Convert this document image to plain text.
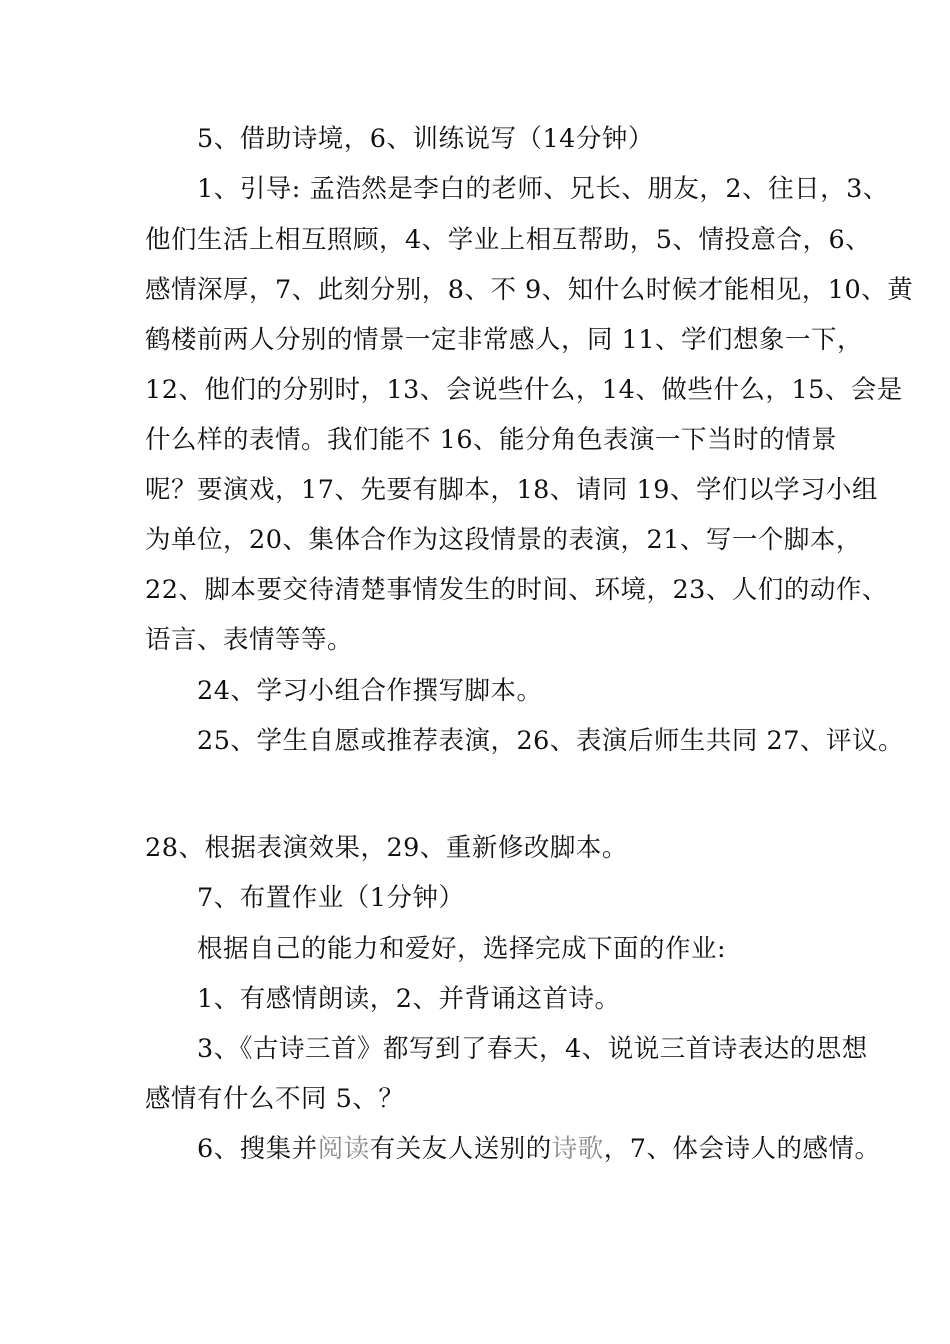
5、借助诗境，6、训练说写（14分钟）
1、引导: 孟浩然是李白的老师、兄长、朋友，2、往日，3、
他们生活上相互照顾，4、学业上相互帮助，5、情投意合，6、
感情深厚，7、此刻分别，8、不 9、知什么时候才能相见，10、黄
鹤楼前两人分别的情景一定非常感人，同 11、学们想象一下，
12、他们的分别时，13、会说些什么，14、做些什么，15、会是
什么样的表情。我们能不 16、能分角色表演一下当时的情景
呢？要演戏，17、先要有脚本，18、请同 19、学们以学习小组
为单位，20、集体合作为这段情景的表演，21、写一个脚本，
22、脚本要交待清楚事情发生的时间、环境，23、人们的动作、
语言、表情等等。
24、学习小组合作撰写脚本。
25、学生自愿或推荐表演，26、表演后师生共同 27、评议。
28、根据表演效果，29、重新修改脚本。
7、布置作业（1分钟）
根据自己的能力和爱好，选择完成下面的作业:
1、有感情朗读，2、并背诵这首诗。
3、《古诗三首》都写到了春天，4、说说三首诗表达的思想
感情有什么不同 5、？
6、搜集并阅读有关友人送别的诗歌，7、体会诗人的感情。
